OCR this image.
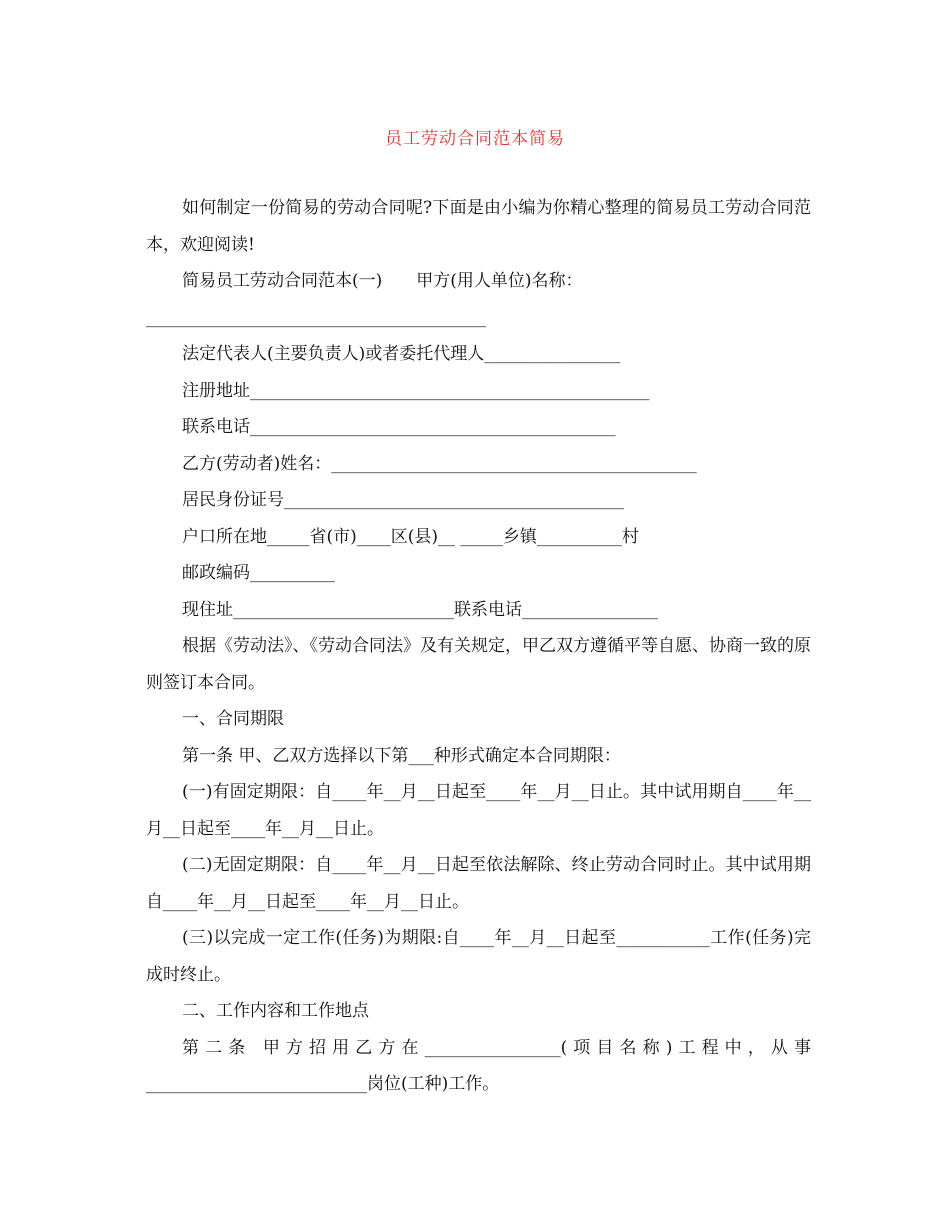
员工劳动合同范本简易

如何制定一份简易的劳动合同呢?下面是由小编为你精心整理的简易员工劳动合同范本，欢迎阅读!

简易员工劳动合同范本(一)　　甲方(用人单位)名称：

________________________________________

法定代表人(主要负责人)或者委托代理人________________

注册地址_______________________________________________

联系电话___________________________________________

乙方(劳动者)姓名：___________________________________________

居民身份证号________________________________________

户口所在地_____省(市)____区(县)__ _____乡镇__________村

邮政编码__________

现住址__________________________联系电话________________

根据《劳动法》、《劳动合同法》及有关规定，甲乙双方遵循平等自愿、协商一致的原则签订本合同。

一、合同期限

第一条 甲、乙双方选择以下第___种形式确定本合同期限：

(一)有固定期限：自____年__月__日起至____年__月__日止。其中试用期自____年__月__日起至____年__月__日止。

(二)无固定期限：自____年__月__日起至依法解除、终止劳动合同时止。其中试用期自____年__月__日起至____年__月__日止。

(三)以完成一定工作(任务)为期限:自____年__月__日起至___________工作(任务)完成时终止。

二、工作内容和工作地点

第二条 甲方招用乙方在________________(项目名称)工程中，从事__________________________岗位(工种)工作。
